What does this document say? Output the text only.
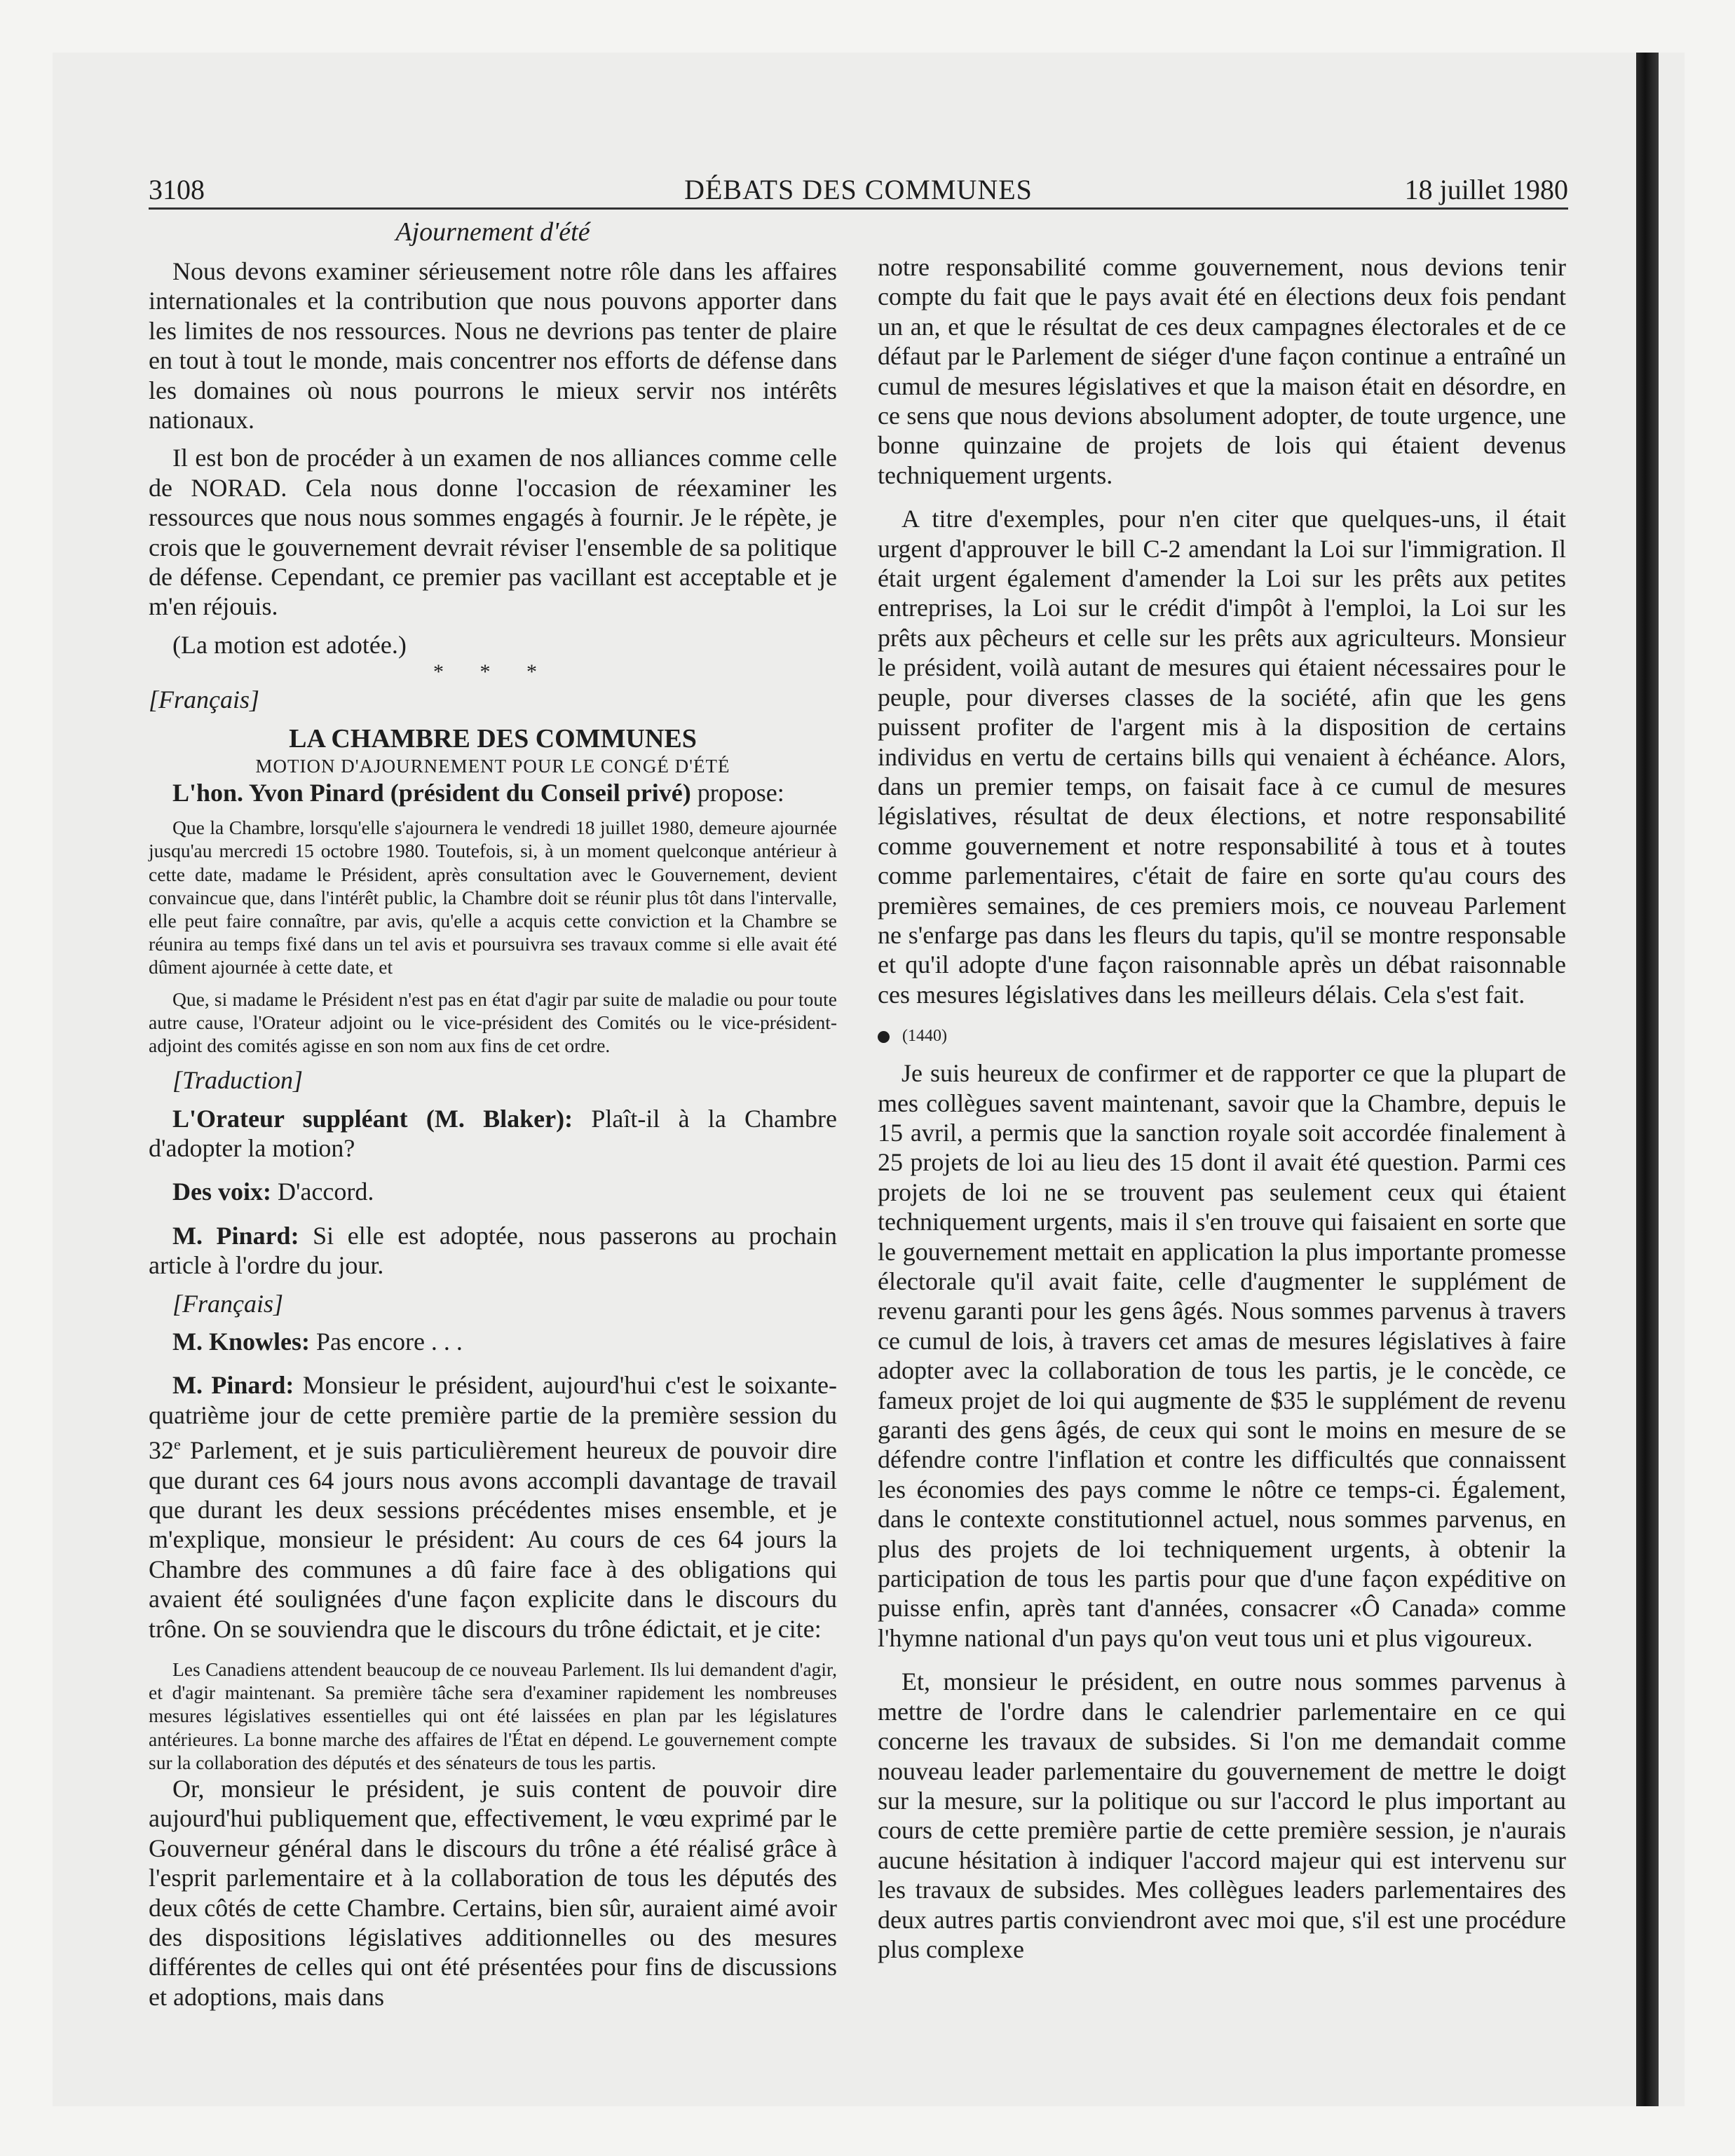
3108	DÉBATS DES COMMUNES	18 juillet 1980

Ajournement d'été

Nous devons examiner sérieusement notre rôle dans les affaires internationales et la contribution que nous pouvons apporter dans les limites de nos ressources. Nous ne devrions pas tenter de plaire en tout à tout le monde, mais concentrer nos efforts de défense dans les domaines où nous pourrons le mieux servir nos intérêts nationaux.

Il est bon de procéder à un examen de nos alliances comme celle de NORAD. Cela nous donne l'occasion de réexaminer les ressources que nous nous sommes engagés à fournir. Je le répète, je crois que le gouvernement devrait réviser l'ensemble de sa politique de défense. Cependant, ce premier pas vacillant est acceptable et je m'en réjouis.

(La motion est adotée.)

* * *

[Français]

LA CHAMBRE DES COMMUNES

MOTION D'AJOURNEMENT POUR LE CONGÉ D'ÉTÉ

L'hon. Yvon Pinard (président du Conseil privé) propose:

Que la Chambre, lorsqu'elle s'ajournera le vendredi 18 juillet 1980, demeure ajournée jusqu'au mercredi 15 octobre 1980. Toutefois, si, à un moment quelconque antérieur à cette date, madame le Président, après consultation avec le Gouvernement, devient convaincue que, dans l'intérêt public, la Chambre doit se réunir plus tôt dans l'intervalle, elle peut faire connaître, par avis, qu'elle a acquis cette conviction et la Chambre se réunira au temps fixé dans un tel avis et poursuivra ses travaux comme si elle avait été dûment ajournée à cette date, et

Que, si madame le Président n'est pas en état d'agir par suite de maladie ou pour toute autre cause, l'Orateur adjoint ou le vice-président des Comités ou le vice-président-adjoint des comités agisse en son nom aux fins de cet ordre.

[Traduction]

L'Orateur suppléant (M. Blaker): Plaît-il à la Chambre d'adopter la motion?

Des voix: D'accord.

M. Pinard: Si elle est adoptée, nous passerons au prochain article à l'ordre du jour.

[Français]

M. Knowles: Pas encore . . .

M. Pinard: Monsieur le président, aujourd'hui c'est le soixante-quatrième jour de cette première partie de la première session du 32e Parlement, et je suis particulièrement heureux de pouvoir dire que durant ces 64 jours nous avons accompli davantage de travail que durant les deux sessions précédentes mises ensemble, et je m'explique, monsieur le président: Au cours de ces 64 jours la Chambre des communes a dû faire face à des obligations qui avaient été soulignées d'une façon explicite dans le discours du trône. On se souviendra que le discours du trône édictait, et je cite:

Les Canadiens attendent beaucoup de ce nouveau Parlement. Ils lui demandent d'agir, et d'agir maintenant. Sa première tâche sera d'examiner rapidement les nombreuses mesures législatives essentielles qui ont été laissées en plan par les législatures antérieures. La bonne marche des affaires de l'État en dépend. Le gouvernement compte sur la collaboration des députés et des sénateurs de tous les partis.

Or, monsieur le président, je suis content de pouvoir dire aujourd'hui publiquement que, effectivement, le vœu exprimé par le Gouverneur général dans le discours du trône a été réalisé grâce à l'esprit parlementaire et à la collaboration de tous les députés des deux côtés de cette Chambre. Certains, bien sûr, auraient aimé avoir des dispositions législatives additionnelles ou des mesures différentes de celles qui ont été présentées pour fins de discussions et adoptions, mais dans

notre responsabilité comme gouvernement, nous devions tenir compte du fait que le pays avait été en élections deux fois pendant un an, et que le résultat de ces deux campagnes électorales et de ce défaut par le Parlement de siéger d'une façon continue a entraîné un cumul de mesures législatives et que la maison était en désordre, en ce sens que nous devions absolument adopter, de toute urgence, une bonne quinzaine de projets de lois qui étaient devenus techniquement urgents.

A titre d'exemples, pour n'en citer que quelques-uns, il était urgent d'approuver le bill C-2 amendant la Loi sur l'immigration. Il était urgent également d'amender la Loi sur les prêts aux petites entreprises, la Loi sur le crédit d'impôt à l'emploi, la Loi sur les prêts aux pêcheurs et celle sur les prêts aux agriculteurs. Monsieur le président, voilà autant de mesures qui étaient nécessaires pour le peuple, pour diverses classes de la société, afin que les gens puissent profiter de l'argent mis à la disposition de certains individus en vertu de certains bills qui venaient à échéance. Alors, dans un premier temps, on faisait face à ce cumul de mesures législatives, résultat de deux élections, et notre responsabilité comme gouvernement et notre responsabilité à tous et à toutes comme parlementaires, c'était de faire en sorte qu'au cours des premières semaines, de ces premiers mois, ce nouveau Parlement ne s'enfarge pas dans les fleurs du tapis, qu'il se montre responsable et qu'il adopte d'une façon raisonnable après un débat raisonnable ces mesures législatives dans les meilleurs délais. Cela s'est fait.

(1440)

Je suis heureux de confirmer et de rapporter ce que la plupart de mes collègues savent maintenant, savoir que la Chambre, depuis le 15 avril, a permis que la sanction royale soit accordée finalement à 25 projets de loi au lieu des 15 dont il avait été question. Parmi ces projets de loi ne se trouvent pas seulement ceux qui étaient techniquement urgents, mais il s'en trouve qui faisaient en sorte que le gouvernement mettait en application la plus importante promesse électorale qu'il avait faite, celle d'augmenter le supplément de revenu garanti pour les gens âgés. Nous sommes parvenus à travers ce cumul de lois, à travers cet amas de mesures législatives à faire adopter avec la collaboration de tous les partis, je le concède, ce fameux projet de loi qui augmente de $35 le supplément de revenu garanti des gens âgés, de ceux qui sont le moins en mesure de se défendre contre l'inflation et contre les difficultés que connaissent les économies des pays comme le nôtre ce temps-ci. Également, dans le contexte constitutionnel actuel, nous sommes parvenus, en plus des projets de loi techniquement urgents, à obtenir la participation de tous les partis pour que d'une façon expéditive on puisse enfin, après tant d'années, consacrer «Ô Canada» comme l'hymne national d'un pays qu'on veut tous uni et plus vigoureux.

Et, monsieur le président, en outre nous sommes parvenus à mettre de l'ordre dans le calendrier parlementaire en ce qui concerne les travaux de subsides. Si l'on me demandait comme nouveau leader parlementaire du gouvernement de mettre le doigt sur la mesure, sur la politique ou sur l'accord le plus important au cours de cette première partie de cette première session, je n'aurais aucune hésitation à indiquer l'accord majeur qui est intervenu sur les travaux de subsides. Mes collègues leaders parlementaires des deux autres partis conviendront avec moi que, s'il est une procédure plus complexe
